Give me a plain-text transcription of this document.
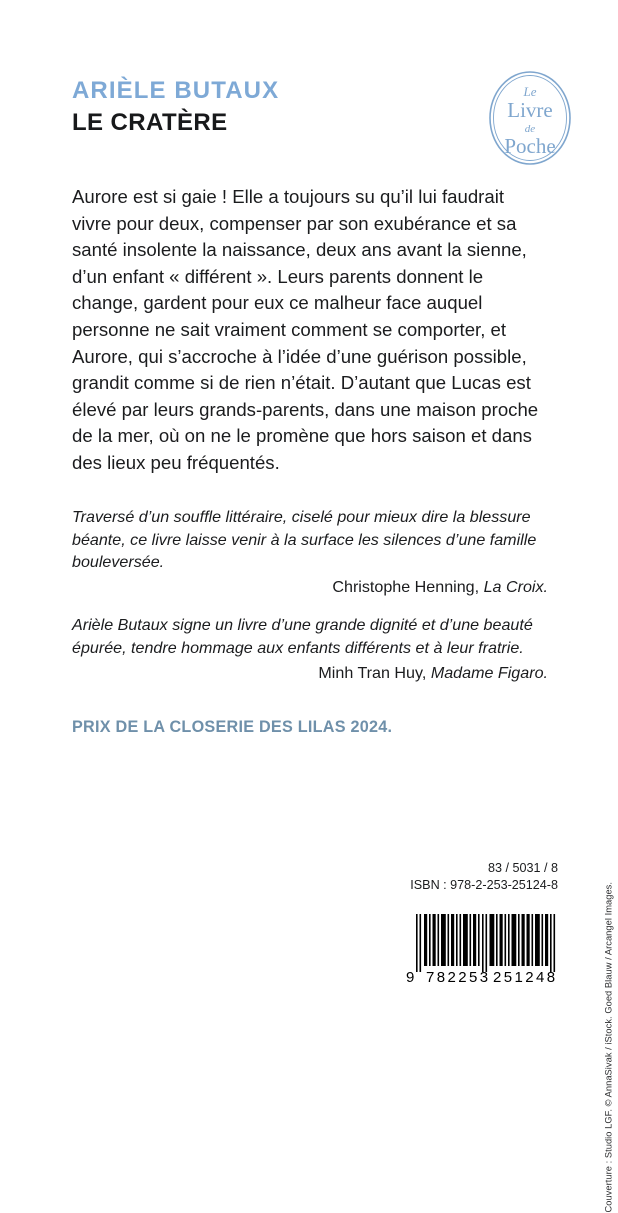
ARIÈLE BUTAUX

LE CRATÈRE

Le
Livre
de
Poche

Aurore est si gaie ! Elle a toujours su qu’il lui faudrait vivre pour deux, compenser par son exubérance et sa santé insolente la naissance, deux ans avant la sienne, d’un enfant « différent ». Leurs parents donnent le change, gardent pour eux ce malheur face auquel personne ne sait vraiment comment se comporter, et Aurore, qui s’accroche à l’idée d’une guérison possible, grandit comme si de rien n’était. D’autant que Lucas est élevé par leurs grands-parents, dans une maison proche de la mer, où on ne le promène que hors saison et dans des lieux peu fréquentés.

Traversé d’un souffle littéraire, ciselé pour mieux dire la blessure béante, ce livre laisse venir à la surface les silences d’une famille bouleversée.

Christophe Henning, La Croix.

Arièle Butaux signe un livre d’une grande dignité et d’une beauté épurée, tendre hommage aux enfants différents et à leur fratrie.

Minh Tran Huy, Madame Figaro.

PRIX DE LA CLOSERIE DES LILAS 2024.

Couverture : Studio LGF. © AnnaSivak / iStock. Goed Blauw / Arcangel Images.
83 / 5031 / 8
ISBN : 978-2-253-25124-8
9 782253 251248
